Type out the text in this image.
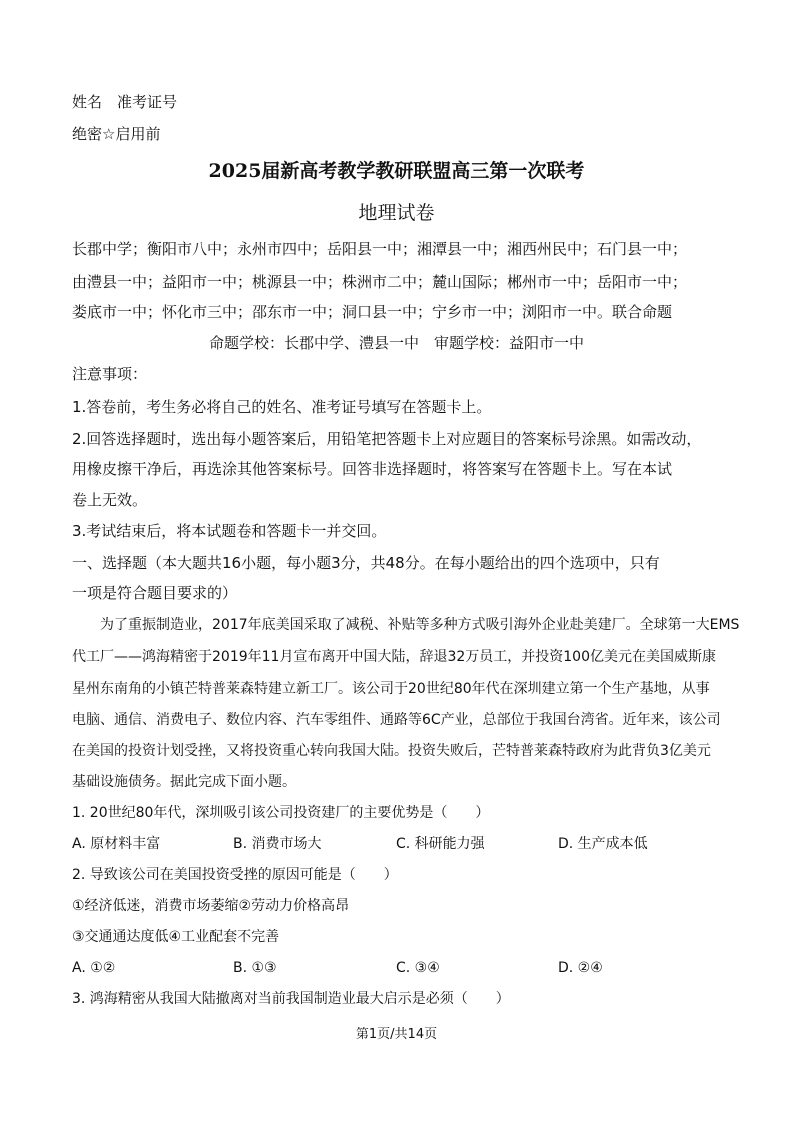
姓名　准考证号
绝密☆启用前
2025届新高考教学教研联盟高三第一次联考
地理试卷
长郡中学；衡阳市八中；永州市四中；岳阳县一中；湘潭县一中；湘西州民中；石门县一中；
由澧县一中；益阳市一中；桃源县一中；株洲市二中；麓山国际；郴州市一中；岳阳市一中；
娄底市一中；怀化市三中；邵东市一中；洞口县一中；宁乡市一中；浏阳市一中。联合命题
命题学校：长郡中学、澧县一中　审题学校：益阳市一中
注意事项：
1.答卷前，考生务必将自己的姓名、准考证号填写在答题卡上。
2.回答选择题时，选出每小题答案后，用铅笔把答题卡上对应题目的答案标号涂黑。如需改动，
用橡皮擦干净后，再选涂其他答案标号。回答非选择题时，将答案写在答题卡上。写在本试
卷上无效。
3.考试结束后，将本试题卷和答题卡一并交回。
一、选择题（本大题共16小题，每小题3分，共48分。在每小题给出的四个选项中，只有
一项是符合题目要求的）
为了重振制造业，2017年底美国采取了减税、补贴等多种方式吸引海外企业赴美建厂。全球第一大EMS
代工厂——鸿海精密于2019年11月宣布离开中国大陆，辞退32万员工，并投资100亿美元在美国威斯康
星州东南角的小镇芒特普莱森特建立新工厂。该公司于20世纪80年代在深圳建立第一个生产基地，从事
电脑、通信、消费电子、数位内容、汽车零组件、通路等6C产业，总部位于我国台湾省。近年来，该公司
在美国的投资计划受挫，又将投资重心转向我国大陆。投资失败后，芒特普莱森特政府为此背负3亿美元
基础设施债务。据此完成下面小题。
1. 20世纪80年代，深圳吸引该公司投资建厂的主要优势是（　　）
A. 原材料丰富	B. 消费市场大	C. 科研能力强	D. 生产成本低
2. 导致该公司在美国投资受挫的原因可能是（　　）
①经济低迷，消费市场萎缩②劳动力价格高昂
③交通通达度低④工业配套不完善
A. ①②	B. ①③	C. ③④	D. ②④
3. 鸿海精密从我国大陆撤离对当前我国制造业最大启示是必须（　　）
第1页/共14页
